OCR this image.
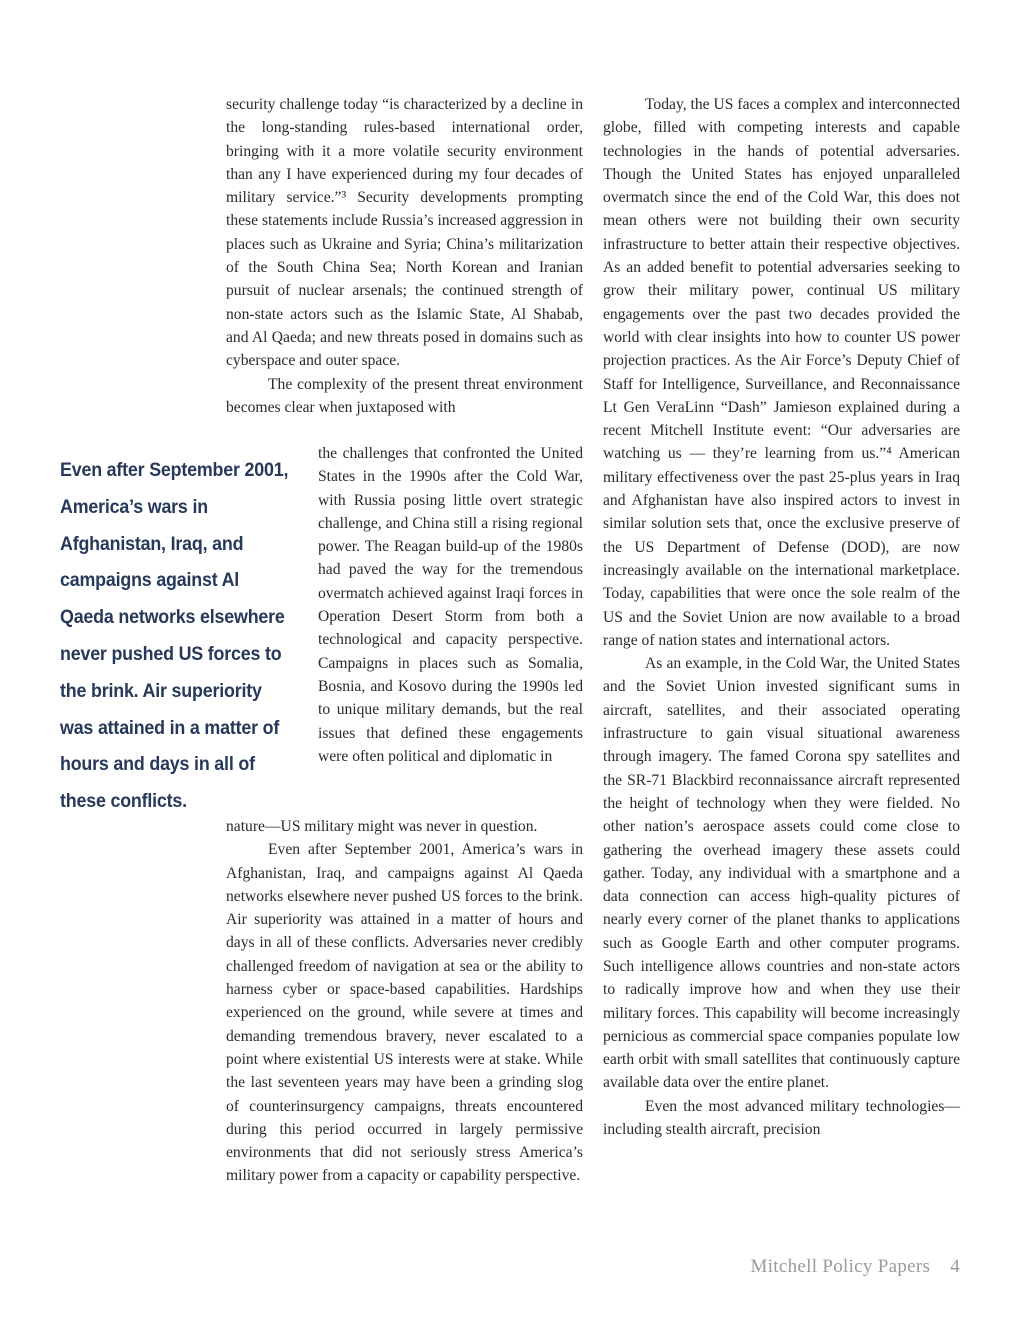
security challenge today “is characterized by a decline in the long-standing rules-based international order, bringing with it a more volatile security environment than any I have experienced during my four decades of military service.”³ Security developments prompting these statements include Russia’s increased aggression in places such as Ukraine and Syria; China’s militarization of the South China Sea; North Korean and Iranian pursuit of nuclear arsenals; the continued strength of non-state actors such as the Islamic State, Al Shabab, and Al Qaeda; and new threats posed in domains such as cyberspace and outer space.

The complexity of the present threat environment becomes clear when juxtaposed with

the challenges that confronted the United States in the 1990s after the Cold War, with Russia posing little overt strategic challenge, and China still a rising regional power. The Reagan build-up of the 1980s had paved the way for the tremendous overmatch achieved against Iraqi forces in Operation Desert Storm from both a technological and capacity perspective. Campaigns in places such as Somalia, Bosnia, and Kosovo during the 1990s led to unique military demands, but the real issues that defined these engagements were often political and diplomatic in

nature—US military might was never in question.

Even after September 2001, America’s wars in Afghanistan, Iraq, and campaigns against Al Qaeda networks elsewhere never pushed US forces to the brink. Air superiority was attained in a matter of hours and days in all of these conflicts. Adversaries never credibly challenged freedom of navigation at sea or the ability to harness cyber or space-based capabilities. Hardships experienced on the ground, while severe at times and demanding tremendous bravery, never escalated to a point where existential US interests were at stake. While the last seventeen years may have been a grinding slog of counterinsurgency campaigns, threats encountered during this period occurred in largely permissive environments that did not seriously stress America’s military power from a capacity or capability perspective.

Even after September 2001, America’s wars in Afghanistan, Iraq, and campaigns against Al Qaeda networks elsewhere never pushed US forces to the brink. Air superiority was attained in a matter of hours and days in all of these conflicts.

Today, the US faces a complex and interconnected globe, filled with competing interests and capable technologies in the hands of potential adversaries. Though the United States has enjoyed unparalleled overmatch since the end of the Cold War, this does not mean others were not building their own security infrastructure to better attain their respective objectives. As an added benefit to potential adversaries seeking to grow their military power, continual US military engagements over the past two decades provided the world with clear insights into how to counter US power projection practices. As the Air Force’s Deputy Chief of Staff for Intelligence, Surveillance, and Reconnaissance Lt Gen VeraLinn “Dash” Jamieson explained during a recent Mitchell Institute event: “Our adversaries are watching us — they’re learning from us.”⁴ American military effectiveness over the past 25-plus years in Iraq and Afghanistan have also inspired actors to invest in similar solution sets that, once the exclusive preserve of the US Department of Defense (DOD), are now increasingly available on the international marketplace. Today, capabilities that were once the sole realm of the US and the Soviet Union are now available to a broad range of nation states and international actors.

As an example, in the Cold War, the United States and the Soviet Union invested significant sums in aircraft, satellites, and their associated operating infrastructure to gain visual situational awareness through imagery. The famed Corona spy satellites and the SR-71 Blackbird reconnaissance aircraft represented the height of technology when they were fielded. No other nation’s aerospace assets could come close to gathering the overhead imagery these assets could gather. Today, any individual with a smartphone and a data connection can access high-quality pictures of nearly every corner of the planet thanks to applications such as Google Earth and other computer programs. Such intelligence allows countries and non-state actors to radically improve how and when they use their military forces. This capability will become increasingly pernicious as commercial space companies populate low earth orbit with small satellites that continuously capture available data over the entire planet.

Even the most advanced military technologies—including stealth aircraft, precision

Mitchell Policy Papers 4
